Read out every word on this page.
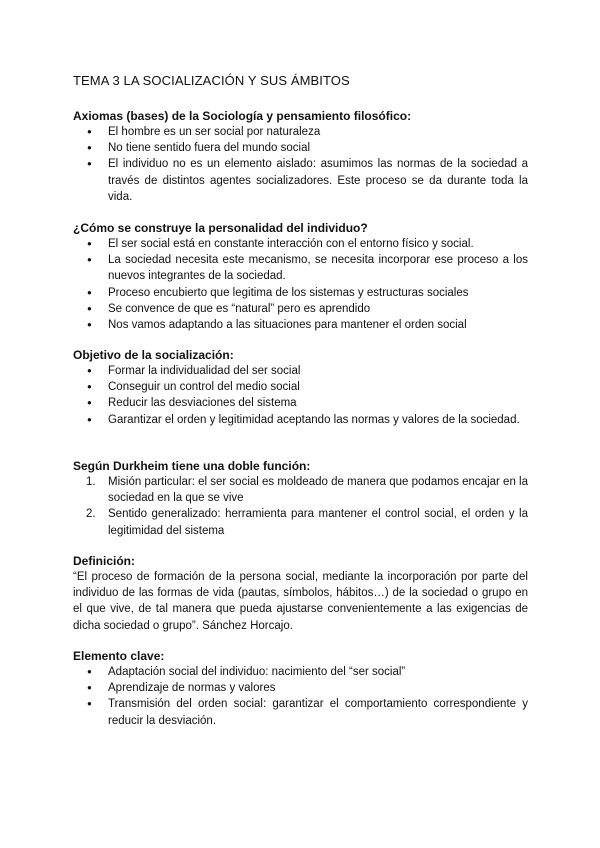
TEMA 3 LA SOCIALIZACIÓN Y SUS ÁMBITOS

Axiomas (bases) de la Sociología y pensamiento filosófico:

● El hombre es un ser social por naturaleza
● No tiene sentido fuera del mundo social
● El individuo no es un elemento aislado: asumimos las normas de la sociedad a través de distintos agentes socializadores. Este proceso se da durante toda la vida.

¿Cómo se construye la personalidad del individuo?

● El ser social está en constante interacción con el entorno físico y social.
● La sociedad necesita este mecanismo, se necesita incorporar ese proceso a los nuevos integrantes de la sociedad.
● Proceso encubierto que legitima de los sistemas y estructuras sociales
● Se convence de que es “natural” pero es aprendido
● Nos vamos adaptando a las situaciones para mantener el orden social

Objetivo de la socialización:

● Formar la individualidad del ser social
● Conseguir un control del medio social
● Reducir las desviaciones del sistema
● Garantizar el orden y legitimidad aceptando las normas y valores de la sociedad.

Según Durkheim tiene una doble función:

1. Misión particular: el ser social es moldeado de manera que podamos encajar en la sociedad en la que se vive
2. Sentido generalizado: herramienta para mantener el control social, el orden y la legitimidad del sistema

Definición:

“El proceso de formación de la persona social, mediante la incorporación por parte del individuo de las formas de vida (pautas, símbolos, hábitos…) de la sociedad o grupo en el que vive, de tal manera que pueda ajustarse convenientemente a las exigencias de dicha sociedad o grupo”. Sánchez Horcajo.

Elemento clave:

● Adaptación social del individuo: nacimiento del “ser social”
● Aprendizaje de normas y valores
● Transmisión del orden social: garantizar el comportamiento correspondiente y reducir la desviación.
